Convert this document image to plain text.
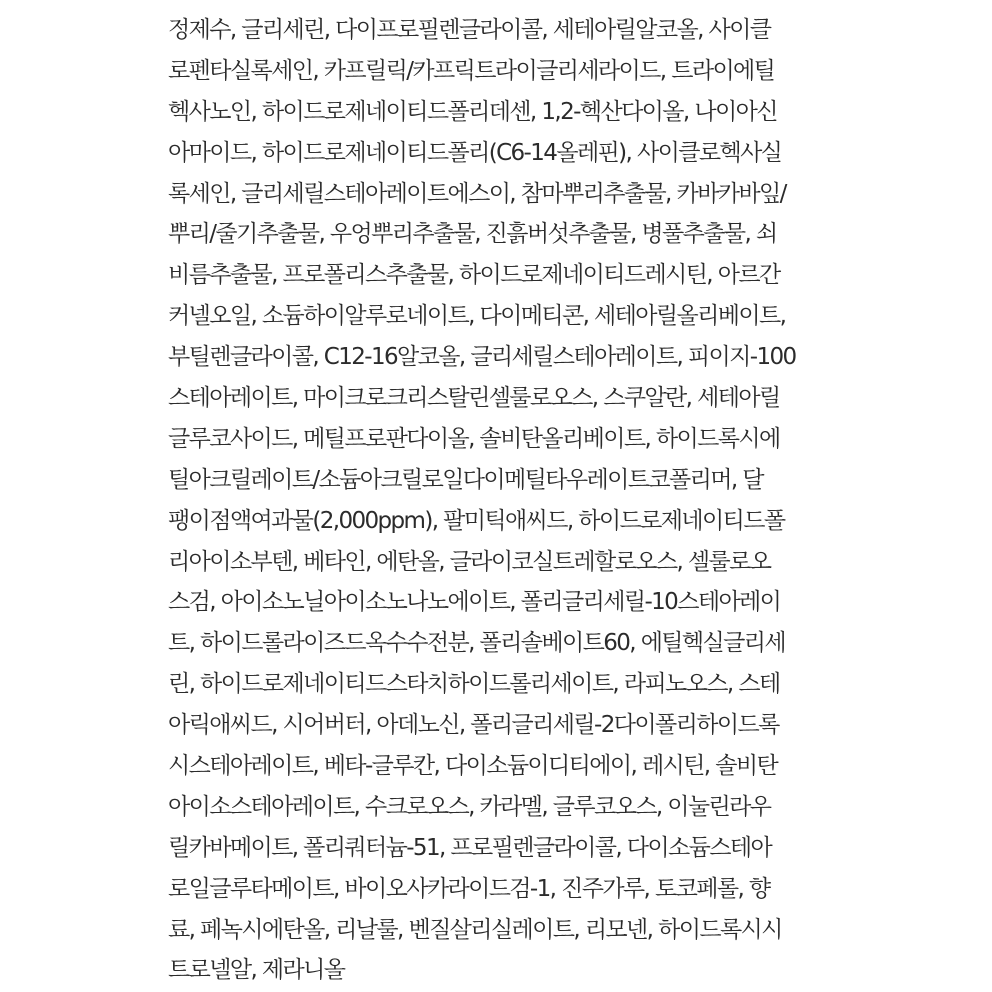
정제수, 글리세린, 다이프로필렌글라이콜, 세테아릴알코올, 사이클
로펜타실록세인, 카프릴릭/카프릭트라이글리세라이드, 트라이에틸
헥사노인, 하이드로제네이티드폴리데센, 1,2-헥산다이올, 나이아신
아마이드, 하이드로제네이티드폴리(C6-14올레핀), 사이클로헥사실
록세인, 글리세릴스테아레이트에스이, 참마뿌리추출물, 카바카바잎/
뿌리/줄기추출물, 우엉뿌리추출물, 진흙버섯추출물, 병풀추출물, 쇠
비름추출물, 프로폴리스추출물, 하이드로제네이티드레시틴, 아르간
커넬오일, 소듐하이알루로네이트, 다이메티콘, 세테아릴올리베이트,
부틸렌글라이콜, C12-16알코올, 글리세릴스테아레이트, 피이지-100
스테아레이트, 마이크로크리스탈린셀룰로오스, 스쿠알란, 세테아릴
글루코사이드, 메틸프로판다이올, 솔비탄올리베이트, 하이드록시에
틸아크릴레이트/소듐아크릴로일다이메틸타우레이트코폴리머, 달
팽이점액여과물(2,000ppm), 팔미틱애씨드, 하이드로제네이티드폴
리아이소부텐, 베타인, 에탄올, 글라이코실트레할로오스, 셀룰로오
스검, 아이소노닐아이소노나노에이트, 폴리글리세릴-10스테아레이
트, 하이드롤라이즈드옥수수전분, 폴리솔베이트60, 에틸헥실글리세
린, 하이드로제네이티드스타치하이드롤리세이트, 라피노오스, 스테
아릭애씨드, 시어버터, 아데노신, 폴리글리세릴-2다이폴리하이드록
시스테아레이트, 베타-글루칸, 다이소듐이디티에이, 레시틴, 솔비탄
아이소스테아레이트, 수크로오스, 카라멜, 글루코오스, 이눌린라우
릴카바메이트, 폴리쿼터늄-51, 프로필렌글라이콜, 다이소듐스테아
로일글루타메이트, 바이오사카라이드검-1, 진주가루, 토코페롤, 향
료, 페녹시에탄올, 리날룰, 벤질살리실레이트, 리모넨, 하이드록시시
트로넬알, 제라니올
